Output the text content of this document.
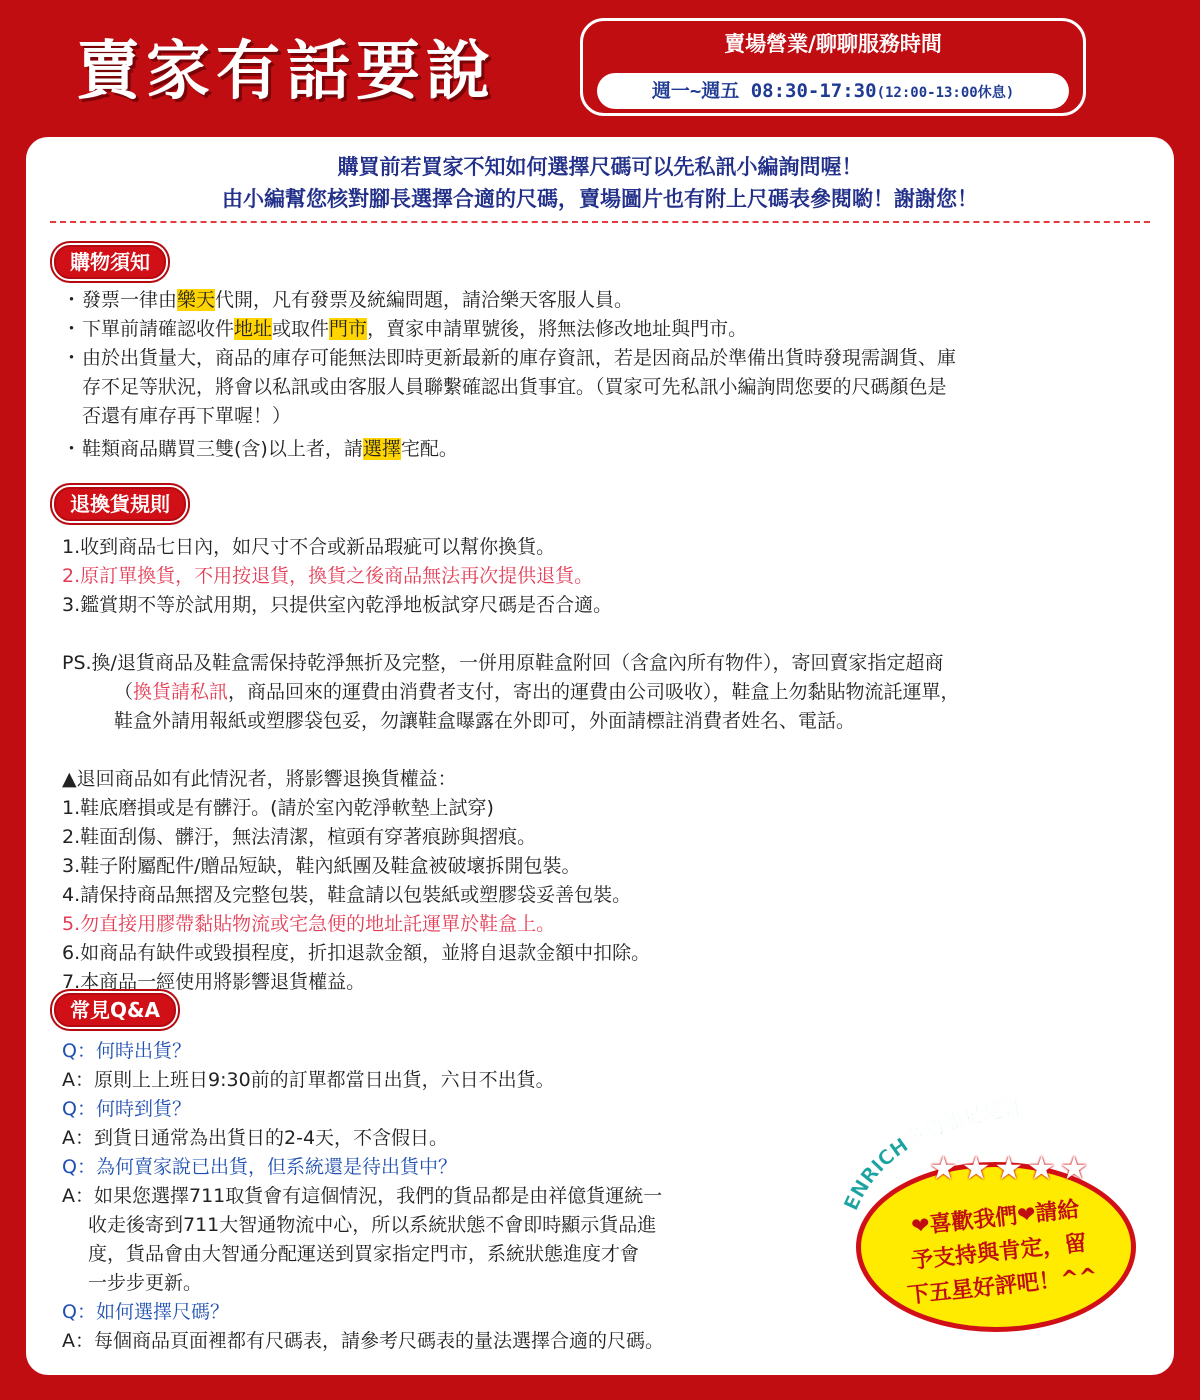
賣家有話要說	賣場營業/聊聊服務時間
週一~週五 08:30-17:30(12:00-13:00休息)
購買前若買家不知如何選擇尺碼可以先私訊小編詢問喔！
由小編幫您核對腳長選擇合適的尺碼，賣場圖片也有附上尺碼表參閱喲！謝謝您！
購物須知
・ 發票一律由樂天代開，凡有發票及統編問題，請洽樂天客服人員。
・ 下單前請確認收件地址或取件門市，賣家申請單號後，將無法修改地址與門市。
・ 由於出貨量大，商品的庫存可能無法即時更新最新的庫存資訊，若是因商品於準備出貨時發現需調貨、庫
存不足等狀況，將會以私訊或由客服人員聯繫確認出貨事宜。（買家可先私訊小編詢問您要的尺碼顏色是
否還有庫存再下單喔！）
・ 鞋類商品購買三雙(含)以上者，請選擇宅配。
退換貨規則
1.收到商品七日內，如尺寸不合或新品瑕疵可以幫你換貨。
2.原訂單換貨，不用按退貨，換貨之後商品無法再次提供退貨。
3.鑑賞期不等於試用期，只提供室內乾淨地板試穿尺碼是否合適。
PS.換/退貨商品及鞋盒需保持乾淨無折及完整，一併用原鞋盒附回（含盒內所有物件），寄回賣家指定超商
（換貨請私訊，商品回來的運費由消費者支付，寄出的運費由公司吸收），鞋盒上勿黏貼物流託運單，
鞋盒外請用報紙或塑膠袋包妥，勿讓鞋盒曝露在外即可，外面請標註消費者姓名、電話。
▲退回商品如有此情況者，將影響退換貨權益：
1.鞋底磨損或是有髒汙。(請於室內乾淨軟墊上試穿)
2.鞋面刮傷、髒汙，無法清潔，楦頭有穿著痕跡與摺痕。
3.鞋子附屬配件/贈品短缺，鞋內紙團及鞋盒被破壞拆開包裝。
4.請保持商品無摺及完整包裝，鞋盒請以包裝紙或塑膠袋妥善包裝。
5.勿直接用膠帶黏貼物流或宅急便的地址託運單於鞋盒上。
6.如商品有缺件或毀損程度，折扣退款金額，並將自退款金額中扣除。
7.本商品一經使用將影響退貨權益。
常見Q&A
Q：何時出貨？
A：原則上上班日9:30前的訂單都當日出貨，六日不出貨。
Q：何時到貨？
A：到貨日通常為出貨日的2-4天，不含假日。
Q：為何賣家說已出貨，但系統還是待出貨中？
A：如果您選擇711取貨會有這個情況，我們的貨品都是由祥億貨運統一
收走後寄到711大智通物流中心，所以系統狀態不會即時顯示貨品進
度，貨品會由大智通分配運送到買家指定門市，系統狀態進度才會
一步步更新。
Q：如何選擇尺碼？
A：每個商品頁面裡都有尺碼表，請參考尺碼表的量法選擇合適的尺碼。
ENRICH多功能足適鞋
★★★★★
❤喜歡我們❤請給
予支持與肯定，留
下五星好評吧！^^
